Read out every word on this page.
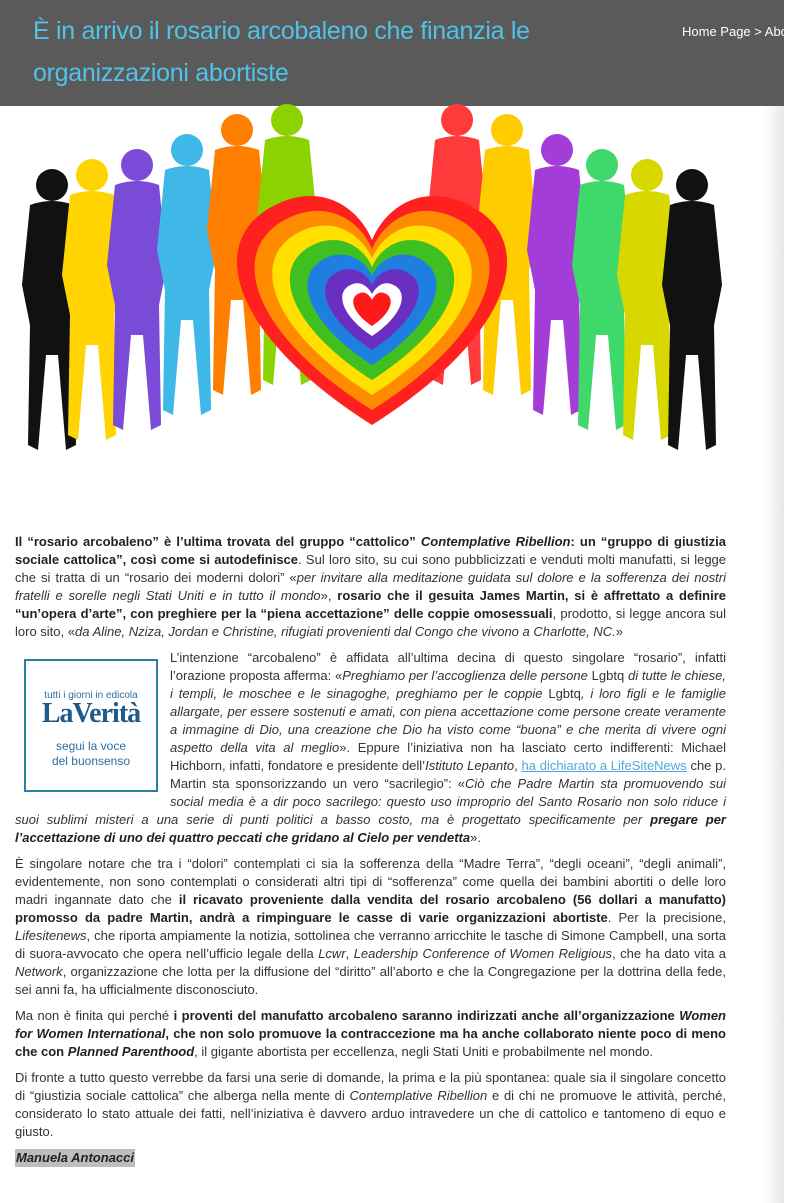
È in arrivo il rosario arcobaleno che finanzia le organizzazioni abortiste
Home Page > Abo

Il “rosario arcobaleno” è l’ultima trovata del gruppo “cattolico” Contemplative Ribellion: un “gruppo di giustizia sociale cattolica”, così come si autodefinisce. Sul loro sito, su cui sono pubblicizzati e venduti molti manufatti, si legge che si tratta di un “rosario dei moderni dolori” «per invitare alla meditazione guidata sul dolore e la sofferenza dei nostri fratelli e sorelle negli Stati Uniti e in tutto il mondo», rosario che il gesuita James Martin, si è affrettato a definire “un’opera d’arte”, con preghiere per la “piena accettazione” delle coppie omosessuali, prodotto, si legge ancora sul loro sito, «da Aline, Nziza, Jordan e Christine, rifugiati provenienti dal Congo che vivono a Charlotte, NC.»

tutti i giorni in edicola
LaVerità
segui la voce
del buonsenso

L’intenzione “arcobaleno” è affidata all’ultima decina di questo singolare “rosario”, infatti l’orazione proposta afferma: «Preghiamo per l’accoglienza delle persone Lgbtq di tutte le chiese, i templi, le moschee e le sinagoghe, preghiamo per le coppie Lgbtq, i loro figli e le famiglie allargate, per essere sostenuti e amati, con piena accettazione come persone create veramente a immagine di Dio, una creazione che Dio ha visto come “buona” e che merita di vivere ogni aspetto della vita al meglio». Eppure l’iniziativa non ha lasciato certo indifferenti: Michael Hichborn, infatti, fondatore e presidente dell’Istituto Lepanto, ha dichiarato a LifeSiteNews che p. Martin sta sponsorizzando un vero “sacrilegio”: «Ciò che Padre Martin sta promuovendo sui social media è a dir poco sacrilego: questo uso improprio del Santo Rosario non solo riduce i suoi sublimi misteri a una serie di punti politici a basso costo, ma è progettato specificamente per pregare per l’accettazione di uno dei quattro peccati che gridano al Cielo per vendetta».

È singolare notare che tra i “dolori” contemplati ci sia la sofferenza della “Madre Terra”, “degli oceani”, “degli animali”, evidentemente, non sono contemplati o considerati altri tipi di “sofferenza” come quella dei bambini abortiti o delle loro madri ingannate dato che il ricavato proveniente dalla vendita del rosario arcobaleno (56 dollari a manufatto) promosso da padre Martin, andrà a rimpinguare le casse di varie organizzazioni abortiste. Per la precisione, Lifesitenews, che riporta ampiamente la notizia, sottolinea che verranno arricchite le tasche di Simone Campbell, una sorta di suora-avvocato che opera nell’ufficio legale della Lcwr, Leadership Conference of Women Religious, che ha dato vita a Network, organizzazione che lotta per la diffusione del “diritto” all’aborto e che la Congregazione per la dottrina della fede, sei anni fa, ha ufficialmente disconosciuto.

Ma non è finita qui perché i proventi del manufatto arcobaleno saranno indirizzati anche all’organizzazione Women for Women International, che non solo promuove la contraccezione ma ha anche collaborato niente poco di meno che con Planned Parenthood, il gigante abortista per eccellenza, negli Stati Uniti e probabilmente nel mondo.

Di fronte a tutto questo verrebbe da farsi una serie di domande, la prima e la più spontanea: quale sia il singolare concetto di “giustizia sociale cattolica” che alberga nella mente di Contemplative Ribellion e di chi ne promuove le attività, perché, considerato lo stato attuale dei fatti, nell’iniziativa è davvero arduo intravedere un che di cattolico e tantomeno di equo e giusto.

Manuela Antonacci
